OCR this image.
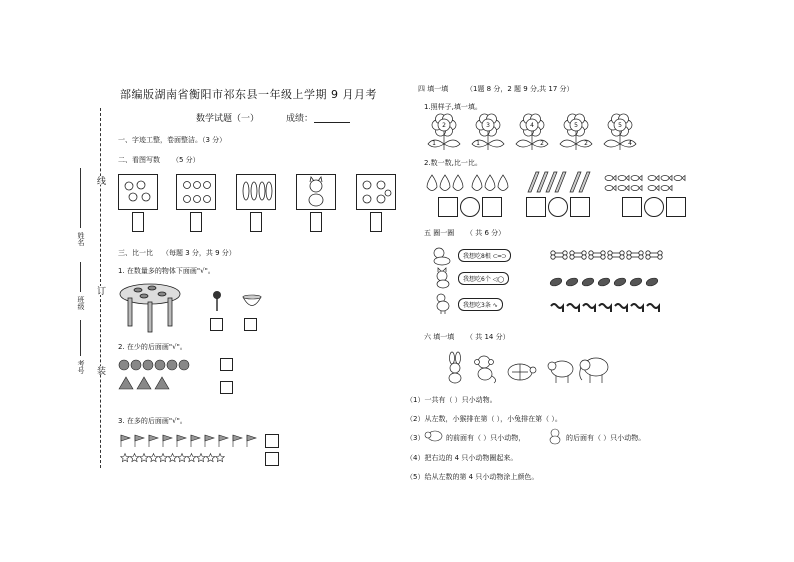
线
订
装
姓名
班级
考号
部编版湖南省衡阳市祁东县一年级上学期 9 月月考
数学试题（一）	成绩：
一、字迹工整，卷面整洁。（3 分）
二、看图写数 （5 分）
三、比一比 （每题 3 分，共 9 分）
1. 在数量多的物体下面画"√"。
2. 在少的后面画"√"。
3. 在多的后面画"√"。
四 填一填	（1题 8 分，2 题 9 分,共 17 分）
1.照样子,填一填。
2
1
3
1
4
2
5
2
5
4
2.数一数,比一比。
五 圈一圈 （ 共 6 分）
我想吃8根 ⊂═⊃
我想吃6个 ◁◯
我想吃3条 ∿
六 填一填 （ 共 14 分）
（1）一共有（ ）只小动物。
（2）从左数，小猴排在第（ ），小兔排在第（ ）。
（3）	的前面有（ ）只小动物，	的后面有（ ）只小动物。
（4）把右边的 4 只小动物圈起来。
（5）给从左数的第 4 只小动物涂上颜色。
